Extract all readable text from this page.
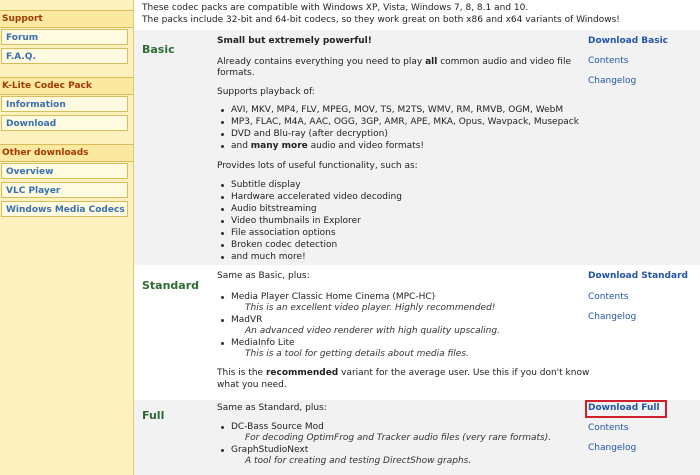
Support
Forum
F.A.Q.
K-Lite Codec Pack
Information
Download
Other downloads
Overview
VLC Player
Windows Media Codecs
These codec packs are compatible with Windows XP, Vista, Windows 7, 8, 8.1 and 10.
The packs include 32-bit and 64-bit codecs, so they work great on both x86 and x64 variants of Windows!
Basic
Small but extremely powerful!
Already contains everything you need to play all common audio and video file
formats.
Supports playback of:
AVI, MKV, MP4, FLV, MPEG, MOV, TS, M2TS, WMV, RM, RMVB, OGM, WebM
MP3, FLAC, M4A, AAC, OGG, 3GP, AMR, APE, MKA, Opus, Wavpack, Musepack
DVD and Blu-ray (after decryption)
and many more audio and video formats!
Provides lots of useful functionality, such as:
Subtitle display
Hardware accelerated video decoding
Audio bitstreaming
Video thumbnails in Explorer
File association options
Broken codec detection
and much more!
Download Basic
Contents
Changelog
Standard
Same as Basic, plus:
Media Player Classic Home Cinema (MPC-HC)
This is an excellent video player. Highly recommended!
MadVR
An advanced video renderer with high quality upscaling.
MediaInfo Lite
This is a tool for getting details about media files.
This is the recommended variant for the average user. Use this if you don't know
what you need.
Download Standard
Contents
Changelog
Full
Same as Standard, plus:
DC-Bass Source Mod
For decoding OptimFrog and Tracker audio files (very rare formats).
GraphStudioNext
A tool for creating and testing DirectShow graphs.
Download Full
Contents
Changelog
